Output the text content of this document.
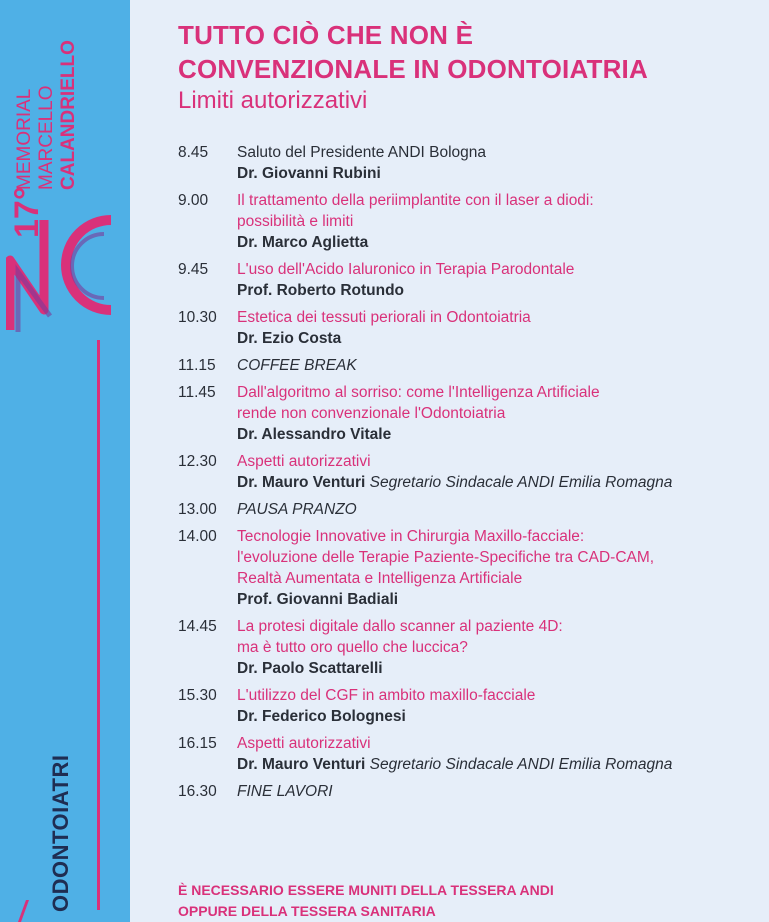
17°
MEMORIAL MARCELLO CALANDRIELLO
ODONTOIATRI
TUTTO CIÒ CHE NON È
CONVENZIONALE IN ODONTOIATRIA

Limiti autorizzativi

8.45	Saluto del Presidente ANDI Bologna
Dr. Giovanni Rubini
9.00	Il trattamento della periimplantite con il laser a diodi:
possibilità e limiti
Dr. Marco Aglietta
9.45	L'uso dell'Acido Ialuronico in Terapia Parodontale
Prof. Roberto Rotundo
10.30	Estetica dei tessuti periorali in Odontoiatria
Dr. Ezio Costa
11.15	COFFEE BREAK
11.45	Dall'algoritmo al sorriso: come l'Intelligenza Artificiale
rende non convenzionale l'Odontoiatria
Dr. Alessandro Vitale
12.30	Aspetti autorizzativi
Dr. Mauro Venturi Segretario Sindacale ANDI Emilia Romagna
13.00	PAUSA PRANZO
14.00	Tecnologie Innovative in Chirurgia Maxillo-facciale:
l'evoluzione delle Terapie Paziente-Specifiche tra CAD-CAM,
Realtà Aumentata e Intelligenza Artificiale
Prof. Giovanni Badiali
14.45	La protesi digitale dallo scanner al paziente 4D:
ma è tutto oro quello che luccica?
Dr. Paolo Scattarelli
15.30	L'utilizzo del CGF in ambito maxillo-facciale
Dr. Federico Bolognesi
16.15	Aspetti autorizzativi
Dr. Mauro Venturi Segretario Sindacale ANDI Emilia Romagna
16.30	FINE LAVORI
È NECESSARIO ESSERE MUNITI DELLA TESSERA ANDI
OPPURE DELLA TESSERA SANITARIA
